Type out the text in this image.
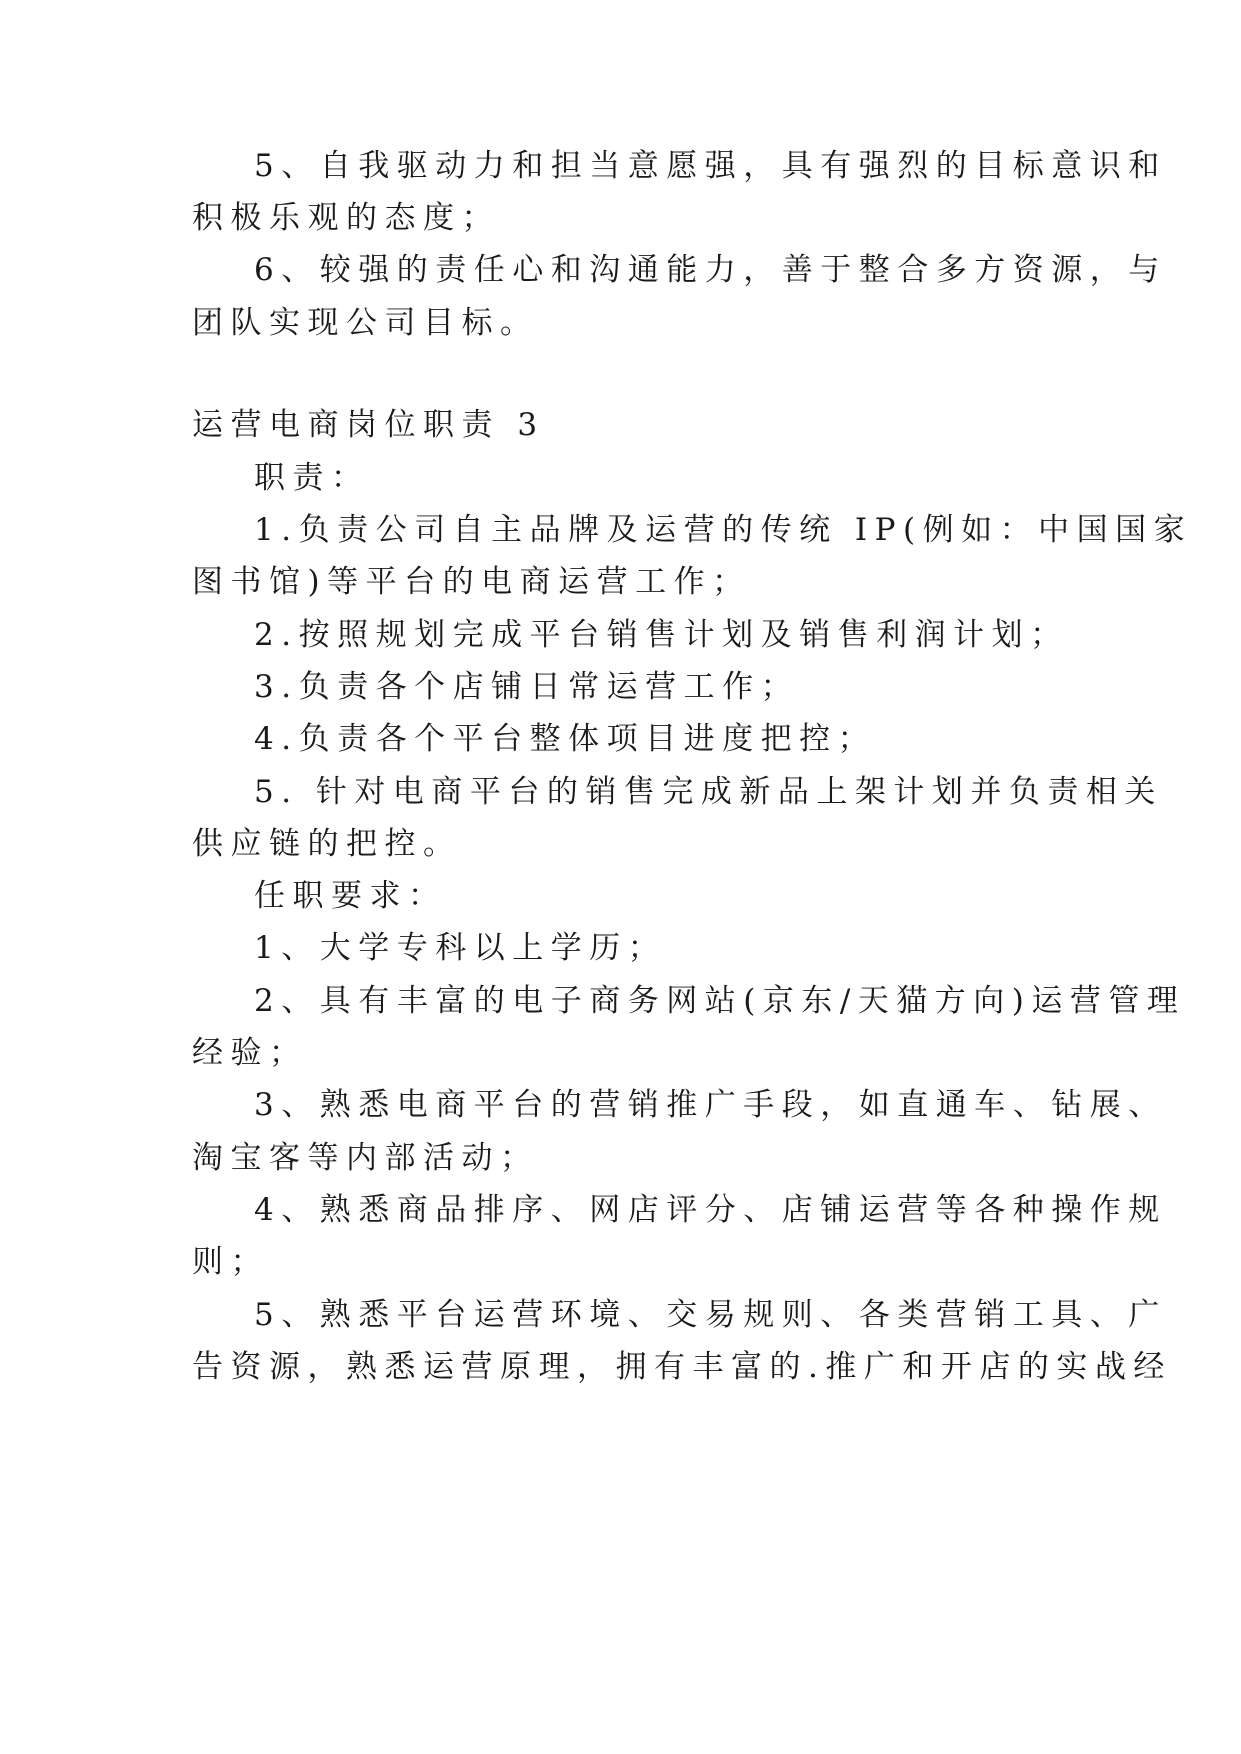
5、自我驱动力和担当意愿强，具有强烈的目标意识和
积极乐观的态度；
6、较强的责任心和沟通能力，善于整合多方资源，与
团队实现公司目标。
运营电商岗位职责 3
职责：
1.负责公司自主品牌及运营的传统 IP(例如：中国国家
图书馆)等平台的电商运营工作；
2.按照规划完成平台销售计划及销售利润计划；
3.负责各个店铺日常运营工作；
4.负责各个平台整体项目进度把控；
5. 针对电商平台的销售完成新品上架计划并负责相关
供应链的把控。
任职要求：
1、大学专科以上学历；
2、具有丰富的电子商务网站(京东/天猫方向)运营管理
经验；
3、熟悉电商平台的营销推广手段，如直通车、钻展、
淘宝客等内部活动；
4、熟悉商品排序、网店评分、店铺运营等各种操作规
则；
5、熟悉平台运营环境、交易规则、各类营销工具、广
告资源，熟悉运营原理，拥有丰富的.推广和开店的实战经
